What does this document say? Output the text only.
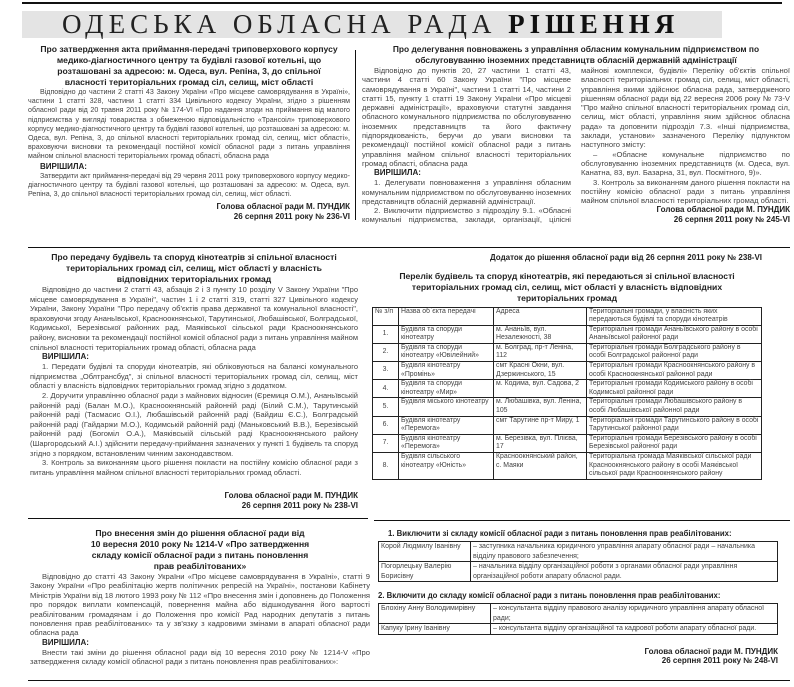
ОДЕСЬКА ОБЛАСНА РАДА РІШЕННЯ
Про затвердження акта приймання-передачі триповерхового корпусу медико-діагностичного центру та будівлі газової котельні, що розташовані за адресою: м. Одеса, вул. Репіна, 3, до спільної власності територіальних громад сіл, селищ, міст області

Відповідно до частини 2 статті 43 Закону України «Про місцеве самоврядування в Україні», частини 1 статті 328, частини 1 статті 334 Цивільного кодексу України, згідно з рішенням обласної ради від 20 травня 2011 року № 174-VI «Про надання згоди на приймання від малого підприємства у вигляді товариства з обмеженою відповідальністю «Трансоіл» триповерхового корпусу медико-діагностичного центру та будівлі газової котельні, що розташовані за адресою: м. Одеса, вул. Репіна, 3, до спільної власності територіальних громад сіл, селищ, міст області», враховуючи висновки та рекомендації постійної комісії обласної ради з питань управління майном спільної власності територіальних громад області, обласна рада

ВИРІШИЛА:

Затвердити акт приймання-передачі від 29 червня 2011 року триповерхового корпусу медико-діагностичного центру та будівлі газової котельні, що розташовані за адресою: м. Одеса, вул. Репіна, 3, до спільної власності територіальних громад сіл, селищ, міст області.

Голова обласної ради М. ПУНДИК
26 серпня 2011 року № 236-VI
Про делегування повноважень з управління обласним комунальним підприємством по обслуговуванню іноземних представництв обласній державній адміністрації

Відповідно до пунктів 20, 27 частини 1 статті 43, частини 4 статті 60 Закону України "Про місцеве самоврядування в Україні", частини 1 статті 14, частини 2 статті 15, пункту 1 статті 19 Закону України «Про місцеві державні адміністрації», враховуючи статутні завдання обласного комунального підприємства по обслуговуванню іноземних представництв та його фактичну підпорядкованість, беручи до уваги висновки та рекомендації постійної комісії обласної ради з питань управління майном спільної власності територіальних громад області, обласна рада

ВИРІШИЛА:

1. Делегувати повноваження з управління обласним комунальним підприємством по обслуговуванню іноземних представництв обласній державній адміністрації.

2. Виключити підприємство з підрозділу 9.1. «Обласні комунальні підприємства, заклади, організації, цілісні майнові комплекси, будівлі» Переліку об'єктів спільної власності територіальних громад сіл, селищ, міст області, управління якими здійснює обласна рада, затвердженого рішенням обласної ради від 22 вересня 2006 року № 73-V "Про майно спільної власності територіальних громад сіл, селищ, міст області, управління яким здійснює обласна рада» та доповнити підрозділ 7.3. «Інші підприємства, заклади, установи» зазначеного Переліку підпунктом наступного змісту:

– «Обласне комунальне підприємство по обслуговуванню іноземних представництв (м. Одеса, вул. Канатна, 83, вул. Базарна, 31, вул. Посмітного, 9)».

3. Контроль за виконанням даного рішення покласти на постійну комісію обласної ради з питань управління майном спільної власності територіальних громад області.

Голова обласної ради М. ПУНДИК
26 серпня 2011 року № 245-VI
Про передачу будівель та споруд кінотеатрів зі спільної власності територіальних громад сіл, селищ, міст області у власність відповідних територіальних громад

Відповідно до частини 2 статті 43, абзаців 2 і 3 пункту 10 розділу V Закону України "Про місцеве самоврядування в Україні", частин 1 і 2 статті 319, статті 327 Цивільного кодексу України, Закону України "Про передачу об'єктів права державної та комунальної власності", враховуючи згоду Ананьївської, Красноокнянської, Тарутинської, Любашівської, Болградської, Кодимської, Березівської районних рад, Маяківської сільської ради Красноокнянського району, висновки та рекомендації постійної комісії обласної ради з питань управління майном спільної власності територіальних громад області, обласна рада

ВИРІШИЛА:

1. Передати будівлі та споруди кінотеатрів, які обліковуються на балансі комунального підприємства „Облтрансбуд", зі спільної власності територіальних громад сіл, селищ, міст області у власність відповідних територіальних громад згідно з додатком.

2. Доручити управлінню обласної ради з майнових відносин (Єремиця О.М.), Ананьївській районній раді (Балан М.О.), Красноокнянській районній раді (Білий С.М.), Тарутинській районній раді (Тасмасис О.І.), Любашівській районній раді (Байдиш Є.С.), Болградській районній раді (Гайдаржи М.О.), Кодимській районній раді (Маньковський В.В.), Березівській районній раді (Богоміл О.А.), Маяківській сільській раді Красноокнянського району (Шаргородський А.І.) здійснити передачу-приймання зазначених у пункті 1 будівель та споруд згідно з порядком, встановленим чинним законодавством.

3. Контроль за виконанням цього рішення покласти на постійну комісію обласної ради з питань управління майном спільної власності територіальних громад області.

Голова обласної ради М. ПУНДИК
26 серпня 2011 року № 238-VI
Додаток до рішення обласної ради від 26 серпня 2011 року № 238-VI
Перелік будівель та споруд кінотеатрів, які передаються зі спільної власності територіальних громад сіл, селищ, міст області у власність відповідних територіальних громад
№ з/п	Назва об`єкта передачі	Адреса	Територіальні громади, у власність яких передаються будівлі та споруди кінотеатрів
1.	Будівля та споруди кінотеатру	м. Ананьїв, вул. Незалежності, 38	Територіальні громади Ананьївського району в особі Ананьївської районної ради
2.	Будівля та споруди кінотеатру «Ювілейний»	м. Болград, пр-т Леніна, 112	Територіальні громади Болградського району в особі Болградської районної ради
3.	Будівля кінотеатру «Промінь»	смт Красні Окни, вул. Дзержинського, 15	Територіальні громади Красноокнянського району в особі Красноокнянської районної ради
4.	Будівля та споруди кінотеатру «Мир»	м. Кодима, вул. Садова, 2	Територіальні громади Кодимського району в особі Кодимської районної ради
5.	Будівля міського кінотеатру	м. Любашівка, вул. Леніна, 105	Територіальні громади Любашівського району в особі Любашівської районної ради
6.	Будівля кінотеатру «Перемога»	смт Тарутине пр-т Миру, 1	Територіальні громади Тарутинського району в особі Тарутинської районної ради
7.	Будівля кінотеатру «Перемога»	м. Березівка, вул. Плієва, 17	Територіальні громади Березівського району в особі Березівської районної ради
8.	Будівля сільського кінотеатру «Юність»	Красноокнянський район, с. Маяки	Територіальна громада Маяківської сільської ради Красноокнянського району в особі Маяківської сільської ради Красноокнянського району
Про внесення змін до рішення обласної ради від 10 вересня 2010 року № 1214-V «Про затвердження складу комісії обласної ради з питань поновлення прав реабілітованих»

Відповідно до статті 43 Закону України «Про місцеве самоврядування в Україні», статті 9 Закону України «Про реабілітацію жертв політичних репресій на Україні», постанови Кабінету Міністрів України від 18 лютого 1993 року № 112 «Про внесення змін і доповнень до Положення про порядок виплати компенсацій, повернення майна або відшкодування його вартості реабілітованим громадянам і до Положення про комісії Рад народних депутатів з питань поновлення прав реабілітованих» та у зв'язку з кадровими змінами в апараті обласної ради обласна рада

ВИРІШИЛА:

Внести такі зміни до рішення обласної ради від 10 вересня 2010 року № 1214-V «Про затвердження складу комісії обласної ради з питань поновлення прав реабілітованих»:

1. Виключити зі складу комісії обласної ради з питань поновлення прав реабілітованих:
Корой Людмилу Іванівну	– заступника начальника юридичного управління апарату обласної ради – начальника відділу правового забезпечення;
Погорлецьку Валерію Борисівну	– начальника відділу організаційної роботи з органами обласної ради управління організаційної роботи апарату обласної ради.
2. Включити до складу комісії обласної ради з питань поновлення прав реабілітованих:
Блохіну Анну Володимирівну	– консультанта відділу правового аналізу юридичного управління апарату обласної ради;
Капуку Ірину Іванівну	– консультанта відділу організаційної та кадрової роботи апарату обласної ради.
Голова обласної ради М. ПУНДИК
26 серпня 2011 року № 248-VI
